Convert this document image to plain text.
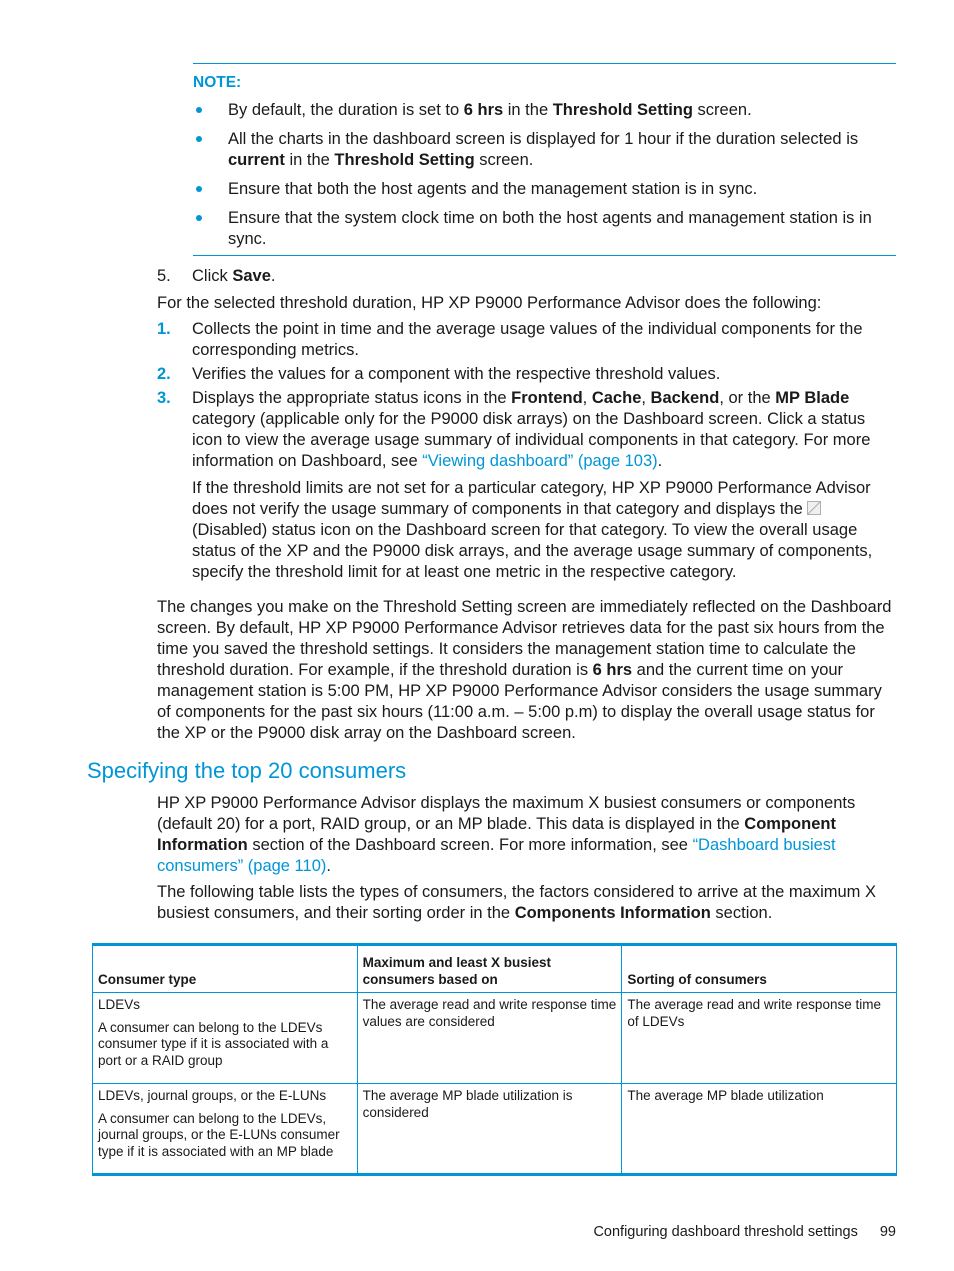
NOTE:
By default, the duration is set to 6 hrs in the Threshold Setting screen.
All the charts in the dashboard screen is displayed for 1 hour if the duration selected is current in the Threshold Setting screen.
Ensure that both the host agents and the management station is in sync.
Ensure that the system clock time on both the host agents and management station is in sync.
5. Click Save.
For the selected threshold duration, HP XP P9000 Performance Advisor does the following:
1. Collects the point in time and the average usage values of the individual components for the corresponding metrics.
2. Verifies the values for a component with the respective threshold values.
3. Displays the appropriate status icons in the Frontend, Cache, Backend, or the MP Blade category (applicable only for the P9000 disk arrays) on the Dashboard screen. Click a status icon to view the average usage summary of individual components in that category. For more information on Dashboard, see “Viewing dashboard” (page 103).
If the threshold limits are not set for a particular category, HP XP P9000 Performance Advisor does not verify the usage summary of components in that category and displays the (Disabled) status icon on the Dashboard screen for that category. To view the overall usage status of the XP and the P9000 disk arrays, and the average usage summary of components, specify the threshold limit for at least one metric in the respective category.
The changes you make on the Threshold Setting screen are immediately reflected on the Dashboard screen. By default, HP XP P9000 Performance Advisor retrieves data for the past six hours from the time you saved the threshold settings. It considers the management station time to calculate the threshold duration. For example, if the threshold duration is 6 hrs and the current time on your management station is 5:00 PM, HP XP P9000 Performance Advisor considers the usage summary of components for the past six hours (11:00 a.m. – 5:00 p.m) to display the overall usage status for the XP or the P9000 disk array on the Dashboard screen.
Specifying the top 20 consumers
HP XP P9000 Performance Advisor displays the maximum X busiest consumers or components (default 20) for a port, RAID group, or an MP blade. This data is displayed in the Component Information section of the Dashboard screen. For more information, see “Dashboard busiest consumers” (page 110).
The following table lists the types of consumers, the factors considered to arrive at the maximum X busiest consumers, and their sorting order in the Components Information section.
Consumer type	Maximum and least X busiest consumers based on	Sorting of consumers

LDEVs

A consumer can belong to the LDEVs consumer type if it is associated with a port or a RAID group	The average read and write response time values are considered	The average read and write response time of LDEVs

LDEVs, journal groups, or the E-LUNs

A consumer can belong to the LDEVs, journal groups, or the E-LUNs consumer type if it is associated with an MP blade	The average MP blade utilization is considered	The average MP blade utilization
Configuring dashboard threshold settings 99
